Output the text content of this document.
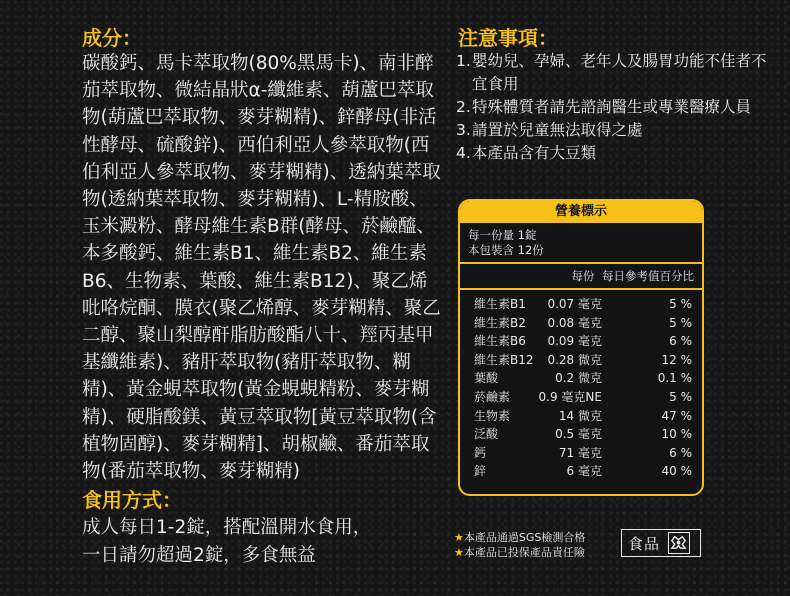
成分：

碳酸鈣、馬卡萃取物(80%黑馬卡)、南非醉茄萃取物、微結晶狀α-纖維素、葫蘆巴萃取物(葫蘆巴萃取物、麥芽糊精)、鋅酵母(非活性酵母、硫酸鋅)、西伯利亞人參萃取物(西伯利亞人參萃取物、麥芽糊精)、透納葉萃取物(透納葉萃取物、麥芽糊精)、L-精胺酸、玉米澱粉、酵母維生素B群(酵母、菸鹼醯、本多酸鈣、維生素B1、維生素B2、維生素B6、生物素、葉酸、維生素B12)、聚乙烯吡咯烷酮、膜衣(聚乙烯醇、麥芽糊精、聚乙二醇、聚山梨醇酐脂肪酸酯八十、羥丙基甲基纖維素)、豬肝萃取物(豬肝萃取物、糊精)、黃金蜆萃取物(黃金蜆蜆精粉、麥芽糊精)、硬脂酸鎂、黃豆萃取物[黃豆萃取物(含植物固醇)、麥芽糊精]、胡椒鹼、番茄萃取物(番茄萃取物、麥芽糊精)

食用方式：
成人每日1-2錠，搭配溫開水食用，
一日請勿超過2錠，多食無益
注意事項：
1. 嬰幼兒、孕婦、老年人及腸胃功能不佳者不宜食用
2. 特殊體質者請先諮詢醫生或專業醫療人員
3. 請置於兒童無法取得之處
4. 本產品含有大豆類
營養標示
每一份量 1錠
本包裝含 12份
每份 每日參考值百分比
維生素B1	0.07 毫克	5 %
維生素B2	0.08 毫克	5 %
維生素B6	0.09 毫克	6 %
維生素B12	0.28 微克	12 %
葉酸	0.2 微克	0.1 %
菸鹼素	0.9 毫克NE	5 %
生物素	14 微克	47 %
泛酸	0.5 毫克	10 %
鈣	71 毫克	6 %
鋅	6 毫克	40 %
★本產品通過SGS檢測合格
★本產品已投保產品責任險	食品
